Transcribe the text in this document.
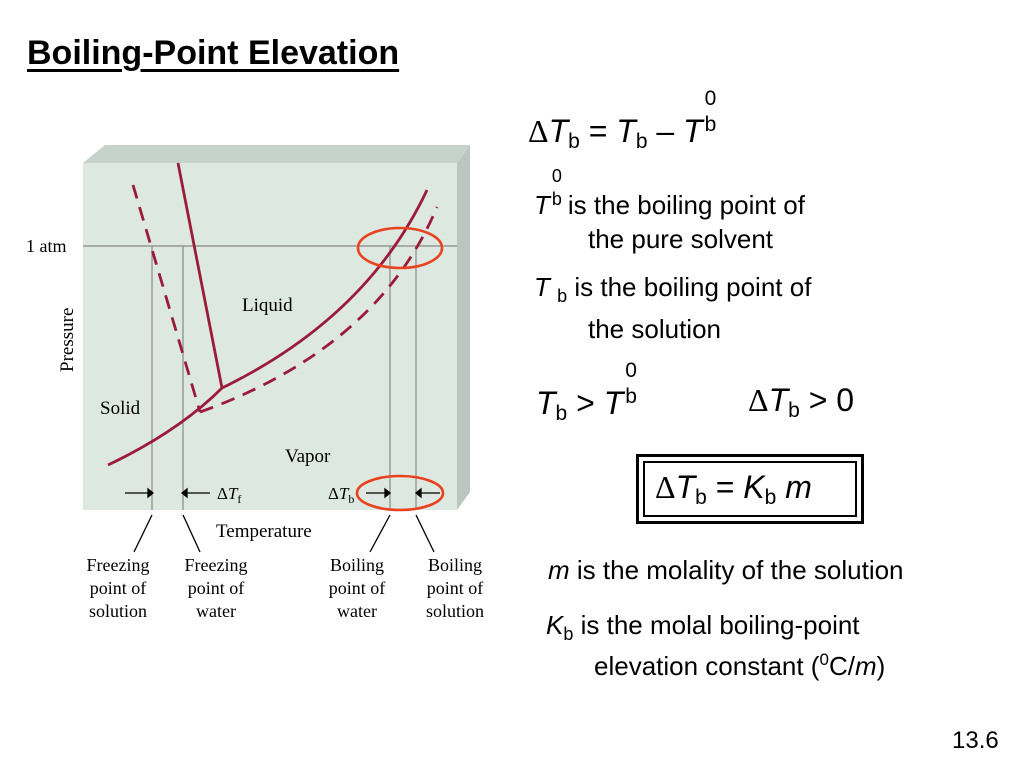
Boiling-Point Elevation
1 atm
Pressure
Liquid
Solid
Vapor
$\Delta T_f$	$\Delta T_b$
Temperature
Freezing
point of
solution
Freezing
point of
water
Boiling
point of
water
Boiling
point of
solution
ΔTb = Tb – T
0
b
T
0
b is the boiling point of
the pure solvent
T $_b$ is the boiling point of
the solution
Tb > T
0
b	ΔTb > 0
ΔTb = Kb m
m is the molality of the solution
$K_b$ is the molal boiling-point
elevation constant ($^0$C/m)
13.6
